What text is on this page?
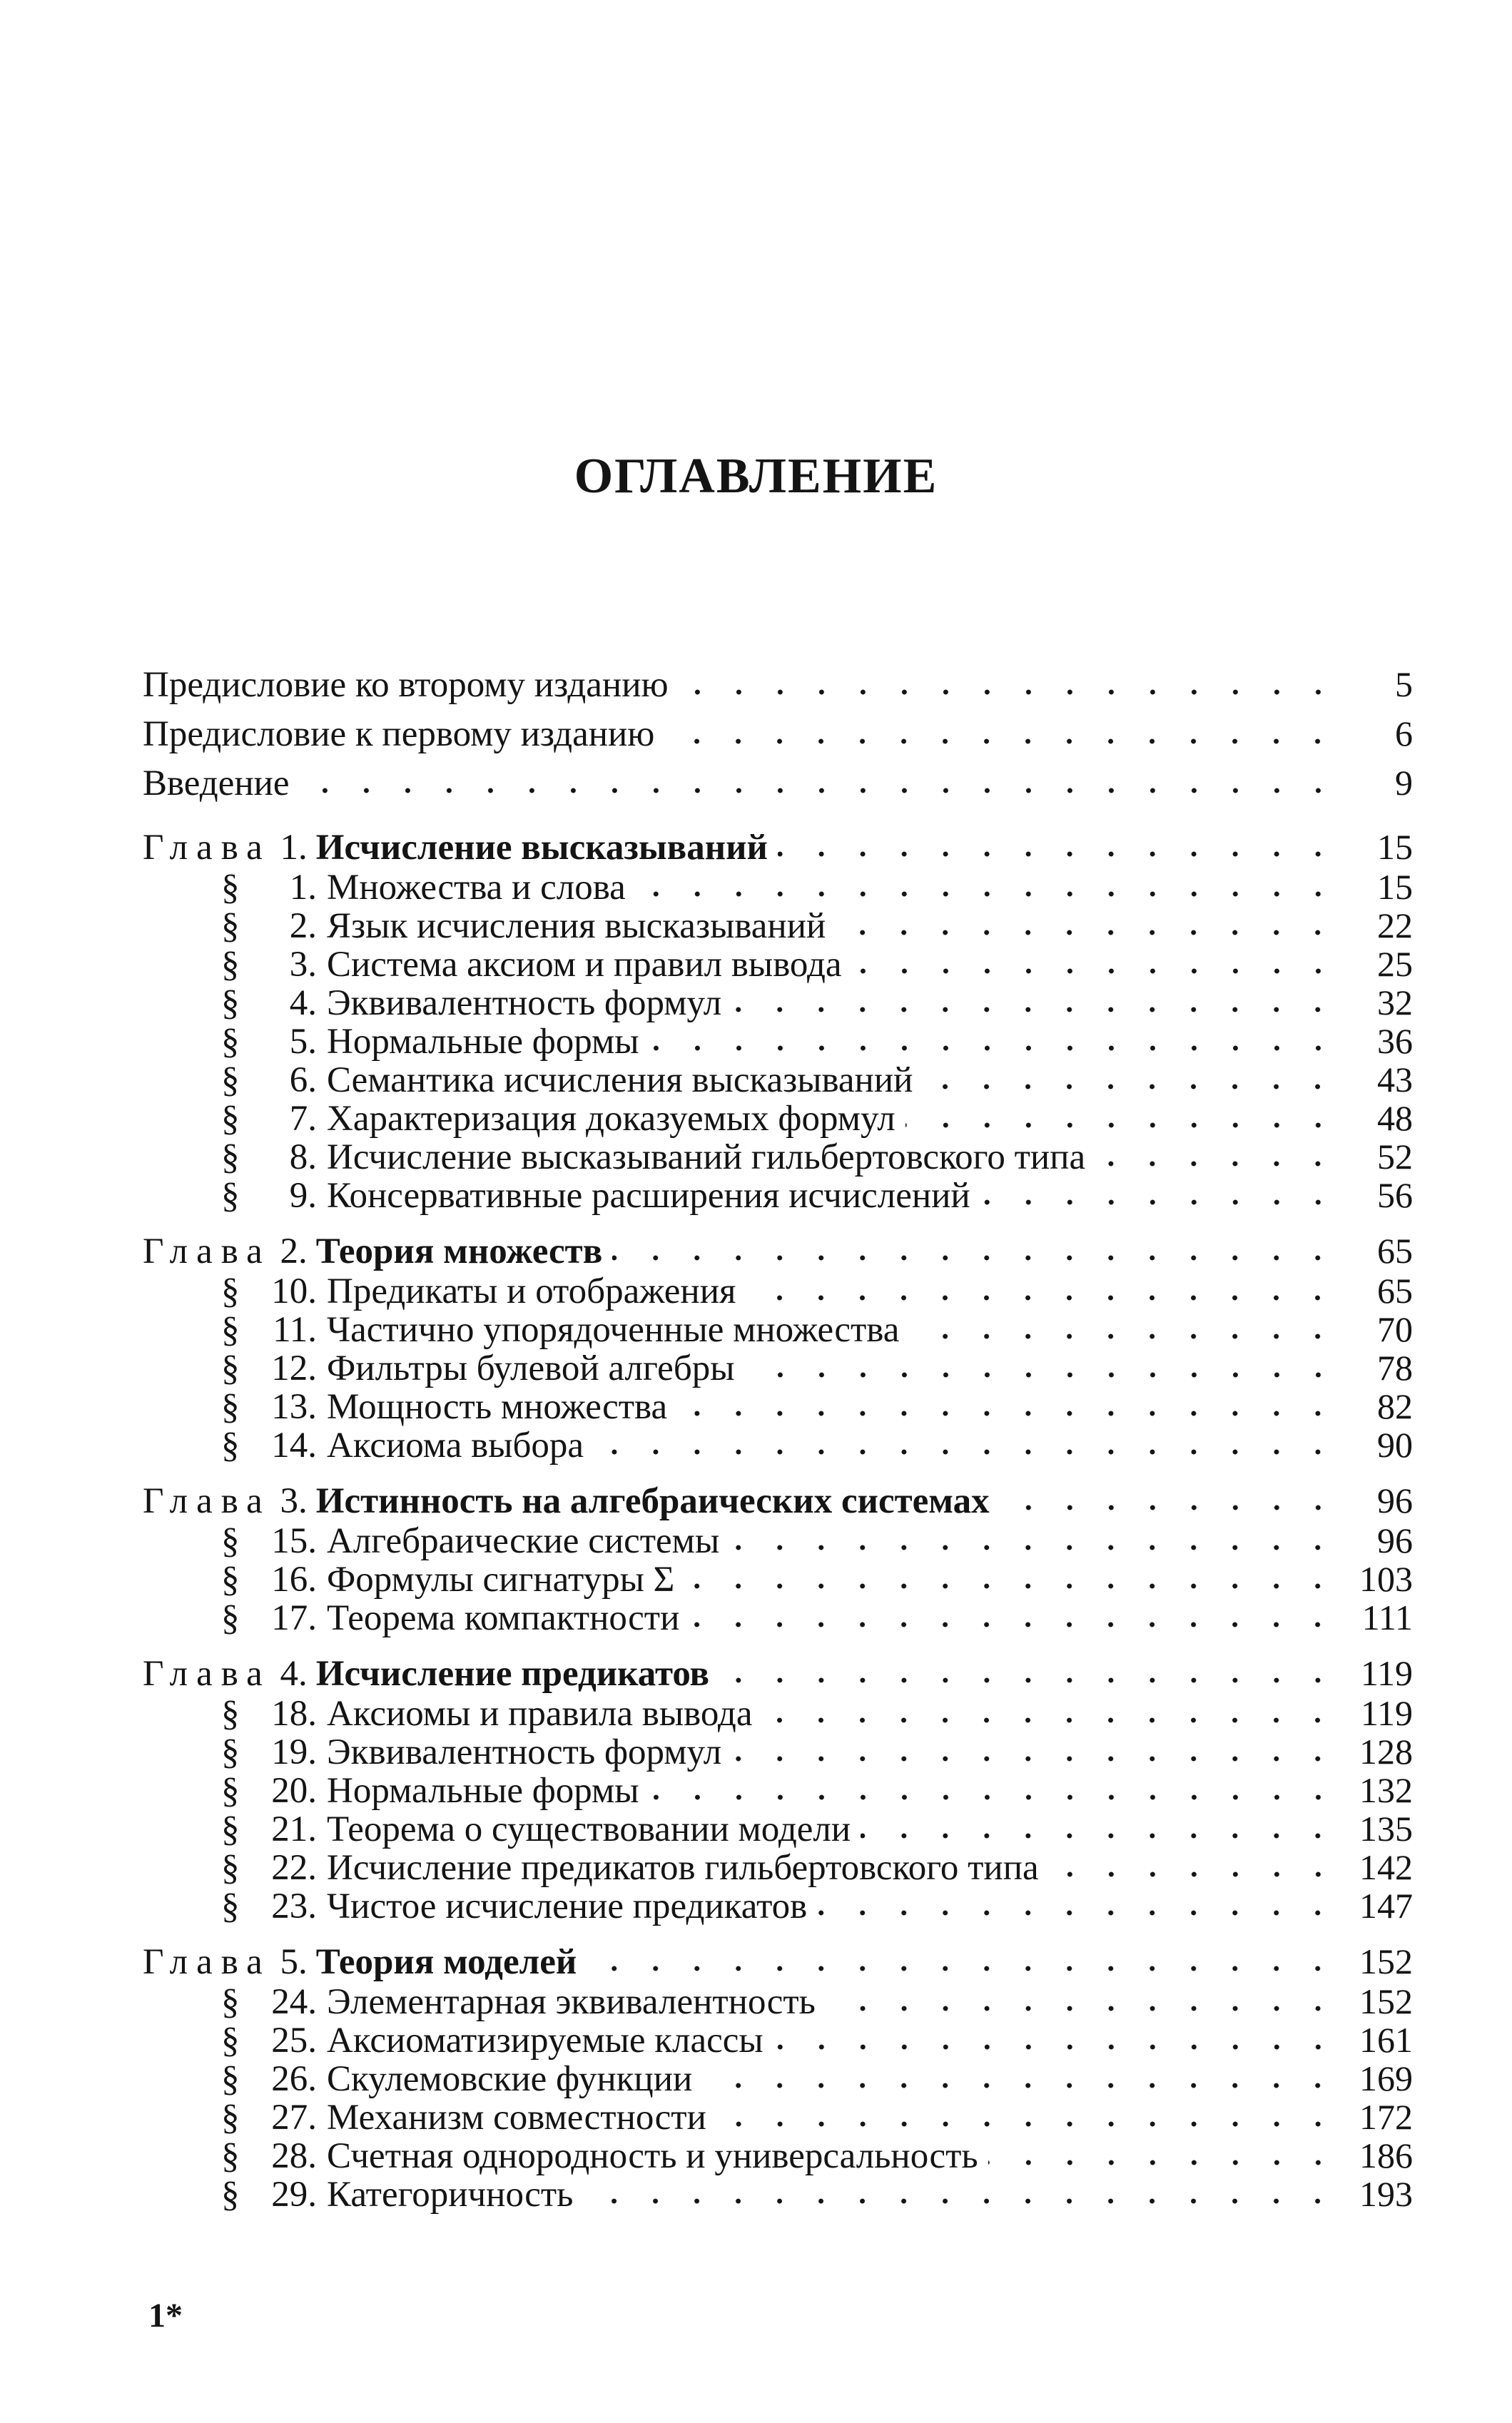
ОГЛАВЛЕНИЕ
Предисловие ко второму изданию	5
Предисловие к первому изданию	6
Введение	9
Глава 1. Исчисление высказываний	15
§ 1. Множества и слова	15
§ 2. Язык исчисления высказываний	22
§ 3. Система аксиом и правил вывода	25
§ 4. Эквивалентность формул	32
§ 5. Нормальные формы	36
§ 6. Семантика исчисления высказываний	43
§ 7. Характеризация доказуемых формул	48
§ 8. Исчисление высказываний гильбертовского типа	52
§ 9. Консервативные расширения исчислений	56
Глава 2. Теория множеств	65
§ 10. Предикаты и отображения	65
§ 11. Частично упорядоченные множества	70
§ 12. Фильтры булевой алгебры	78
§ 13. Мощность множества	82
§ 14. Аксиома выбора	90
Глава 3. Истинность на алгебраических системах	96
§ 15. Алгебраические системы	96
§ 16. Формулы сигнатуры Σ	103
§ 17. Теорема компактности	111
Глава 4. Исчисление предикатов	119
§ 18. Аксиомы и правила вывода	119
§ 19. Эквивалентность формул	128
§ 20. Нормальные формы	132
§ 21. Теорема о существовании модели	135
§ 22. Исчисление предикатов гильбертовского типа	142
§ 23. Чистое исчисление предикатов	147
Глава 5. Теория моделей	152
§ 24. Элементарная эквивалентность	152
§ 25. Аксиоматизируемые классы	161
§ 26. Скулемовские функции	169
§ 27. Механизм совместности	172
§ 28. Счетная однородность и универсальность	186
§ 29. Категоричность	193
1*
